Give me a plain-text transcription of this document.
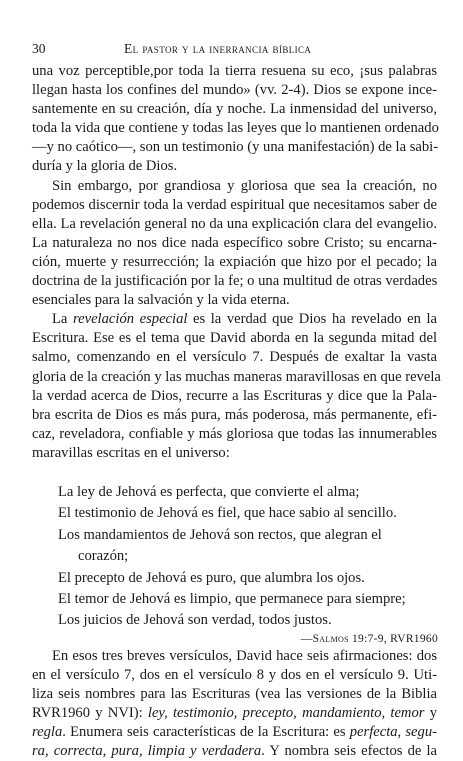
30	El pastor y la inerrancia bíblica

una voz perceptible,por toda la tierra resuena su eco, ¡sus palabras
llegan hasta los confines del mundo» (vv. 2-4). Dios se expone ince-
santemente en su creación, día y noche. La inmensidad del universo,
toda la vida que contiene y todas las leyes que lo mantienen ordenado
—y no caótico—, son un testimonio (y una manifestación) de la sabi-
duría y la gloria de Dios.

Sin embargo, por grandiosa y gloriosa que sea la creación, no
podemos discernir toda la verdad espiritual que necesitamos saber de
ella. La revelación general no da una explicación clara del evangelio.
La naturaleza no nos dice nada específico sobre Cristo; su encarna-
ción, muerte y resurrección; la expiación que hizo por el pecado; la
doctrina de la justificación por la fe; o una multitud de otras verdades
esenciales para la salvación y la vida eterna.

La revelación especial es la verdad que Dios ha revelado en la
Escritura. Ese es el tema que David aborda en la segunda mitad del
salmo, comenzando en el versículo 7. Después de exaltar la vasta
gloria de la creación y las muchas maneras maravillosas en que revela
la verdad acerca de Dios, recurre a las Escrituras y dice que la Pala-
bra escrita de Dios es más pura, más poderosa, más permanente, efi-
caz, reveladora, confiable y más gloriosa que todas las innumerables
maravillas escritas en el universo:

La ley de Jehová es perfecta, que convierte el alma;
El testimonio de Jehová es fiel, que hace sabio al sencillo.
Los mandamientos de Jehová son rectos, que alegran el
corazón;
El precepto de Jehová es puro, que alumbra los ojos.
El temor de Jehová es limpio, que permanece para siempre;
Los juicios de Jehová son verdad, todos justos.
—Salmos 19:7-9, RVR1960

En esos tres breves versículos, David hace seis afirmaciones: dos
en el versículo 7, dos en el versículo 8 y dos en el versículo 9. Uti-
liza seis nombres para las Escrituras (vea las versiones de la Biblia
RVR1960 y NVI): ley, testimonio, precepto, mandamiento, temor y
regla. Enumera seis características de la Escritura: es perfecta, segu-
ra, correcta, pura, limpia y verdadera. Y nombra seis efectos de la
